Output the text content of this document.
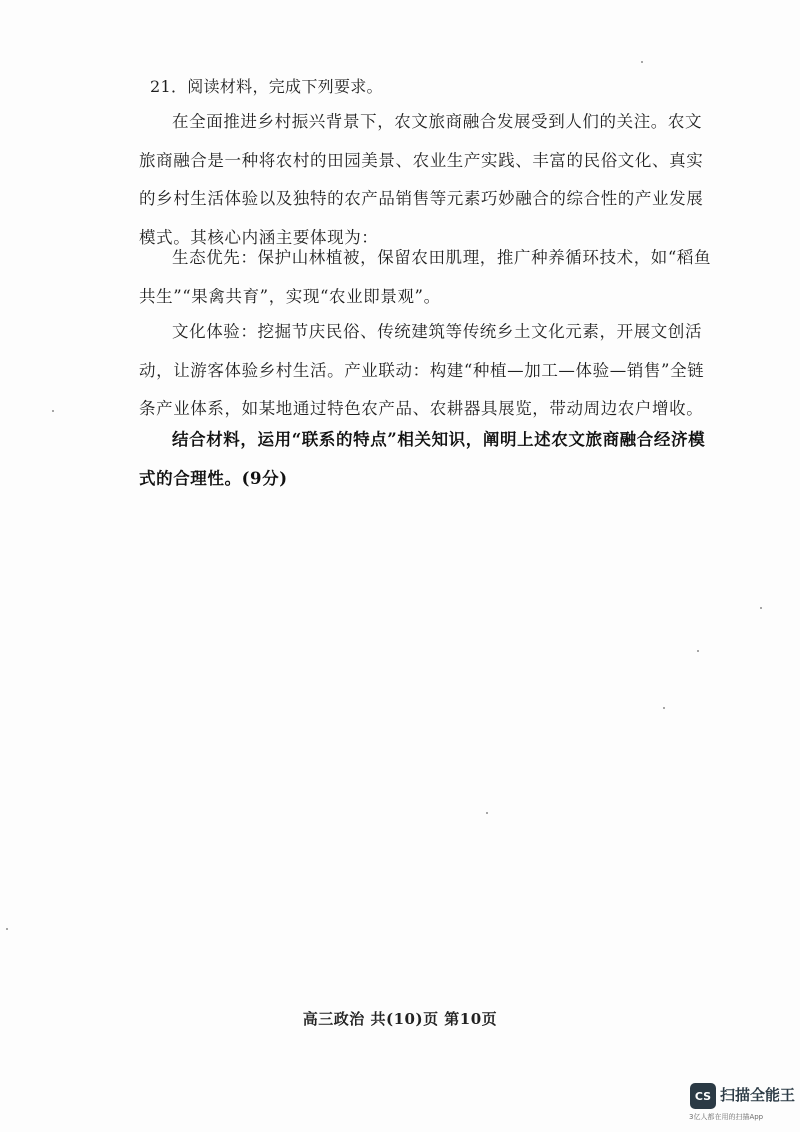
21．阅读材料，完成下列要求。

在全面推进乡村振兴背景下，农文旅商融合发展受到人们的关注。农文旅商融合是一种将农村的田园美景、农业生产实践、丰富的民俗文化、真实的乡村生活体验以及独特的农产品销售等元素巧妙融合的综合性的产业发展模式。其核心内涵主要体现为：

生态优先：保护山林植被，保留农田肌理，推广种养循环技术，如“稻鱼共生”“果禽共育”，实现“农业即景观”。

文化体验：挖掘节庆民俗、传统建筑等传统乡土文化元素，开展文创活动，让游客体验乡村生活。产业联动：构建“种植—加工—体验—销售”全链条产业体系，如某地通过特色农产品、农耕器具展览，带动周边农户增收。

结合材料，运用“联系的特点”相关知识，阐明上述农文旅商融合经济模式的合理性。(9分)

高三政治 共(10)页 第10页
CS 扫描全能王
3亿人都在用的扫描App
